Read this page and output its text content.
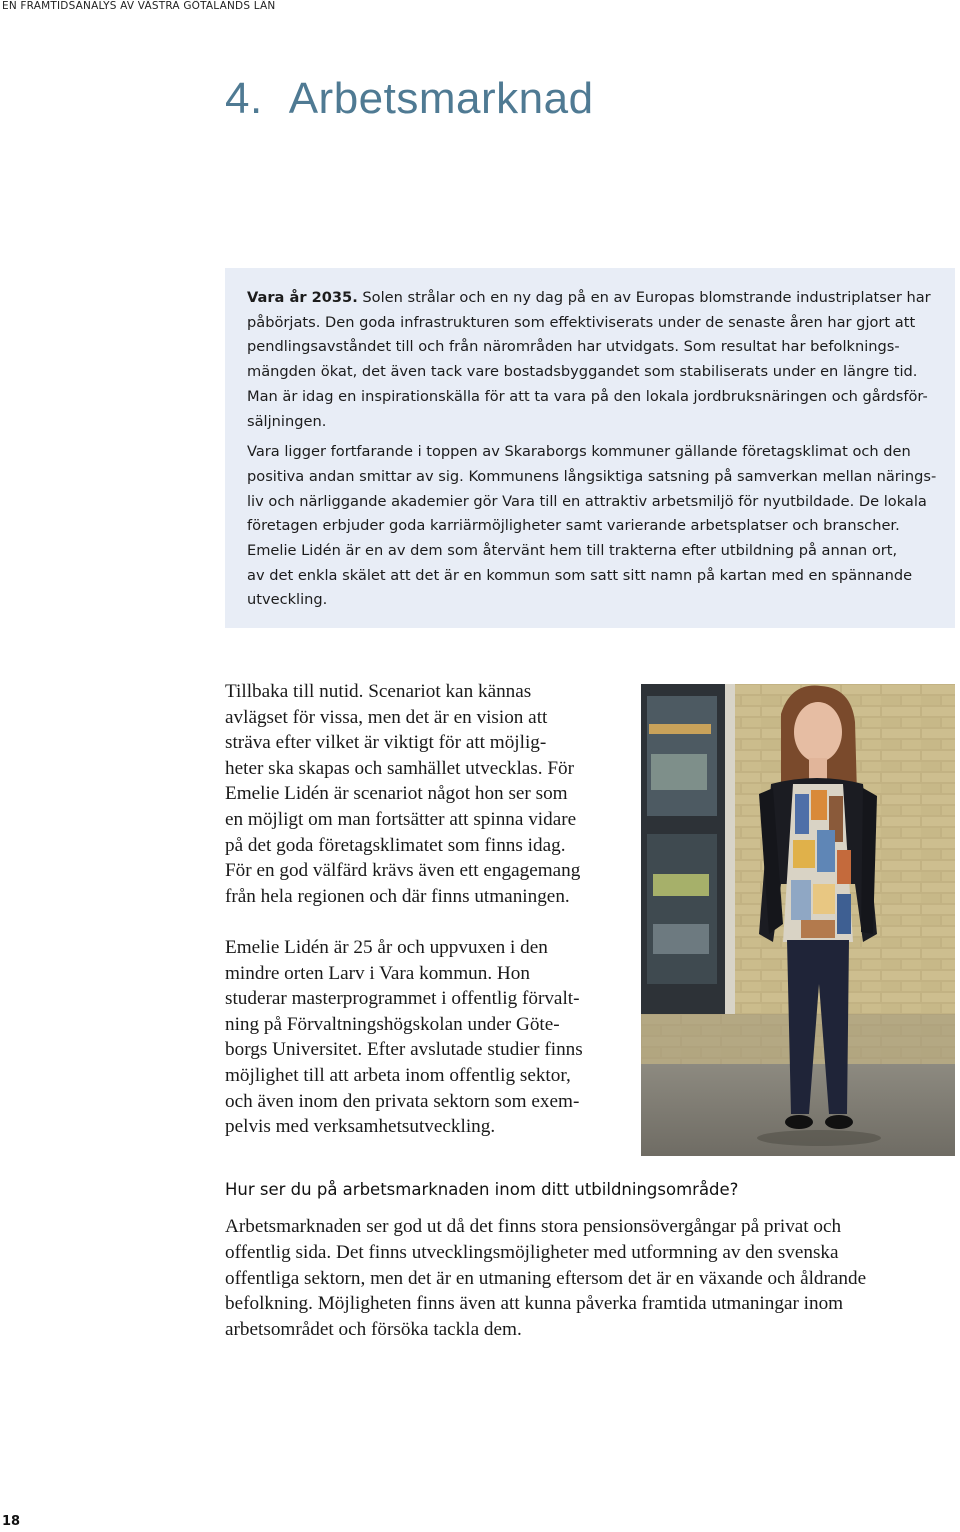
EN FRAMTIDSANALYS AV VÄSTRA GÖTALANDS LÄN
4. Arbetsmarknad

Vara år 2035. Solen strålar och en ny dag på en av Europas blomstrande industriplatser har

påbörjats. Den goda infrastrukturen som effektiviserats under de senaste åren har gjort att

pendlingsavståndet till och från närområden har utvidgats. Som resultat har befolknings-

mängden ökat, det även tack vare bostadsbyggandet som stabiliserats under en längre tid.

Man är idag en inspirationskälla för att ta vara på den lokala jordbruksnäringen och gårdsför-

säljningen.

Vara ligger fortfarande i toppen av Skaraborgs kommuner gällande företagsklimat och den

positiva andan smittar av sig. Kommunens långsiktiga satsning på samverkan mellan närings-

liv och närliggande akademier gör Vara till en attraktiv arbetsmiljö för nyutbildade. De lokala

företagen erbjuder goda karriärmöjligheter samt varierande arbetsplatser och branscher.

Emelie Lidén är en av dem som återvänt hem till trakterna efter utbildning på annan ort,

av det enkla skälet att det är en kommun som satt sitt namn på kartan med en spännande

utveckling.

Tillbaka till nutid. Scenariot kan kännas
avlägset för vissa, men det är en vision att
sträva efter vilket är viktigt för att möjlig-
heter ska skapas och samhället utvecklas. För
Emelie Lidén är scenariot något hon ser som
en möjligt om man fortsätter att spinna vidare
på det goda företagsklimatet som finns idag.
För en god välfärd krävs även ett engagemang
från hela regionen och där finns utmaningen.

Emelie Lidén är 25 år och uppvuxen i den
mindre orten Larv i Vara kommun. Hon
studerar masterprogrammet i offentlig förvalt-
ning på Förvaltningshögskolan under Göte-
borgs Universitet. Efter avslutade studier finns
möjlighet till att arbeta inom offentlig sektor,
och även inom den privata sektorn som exem-
pelvis med verksamhetsutveckling.

Hur ser du på arbetsmarknaden inom ditt utbildningsområde?

Arbetsmarknaden ser god ut då det finns stora pensionsövergångar på privat och
offentlig sida. Det finns utvecklingsmöjligheter med utformning av den svenska
offentliga sektorn, men det är en utmaning eftersom det är en växande och åldrande
befolkning. Möjligheten finns även att kunna påverka framtida utmaningar inom
arbetsområdet och försöka tackla dem.

18
